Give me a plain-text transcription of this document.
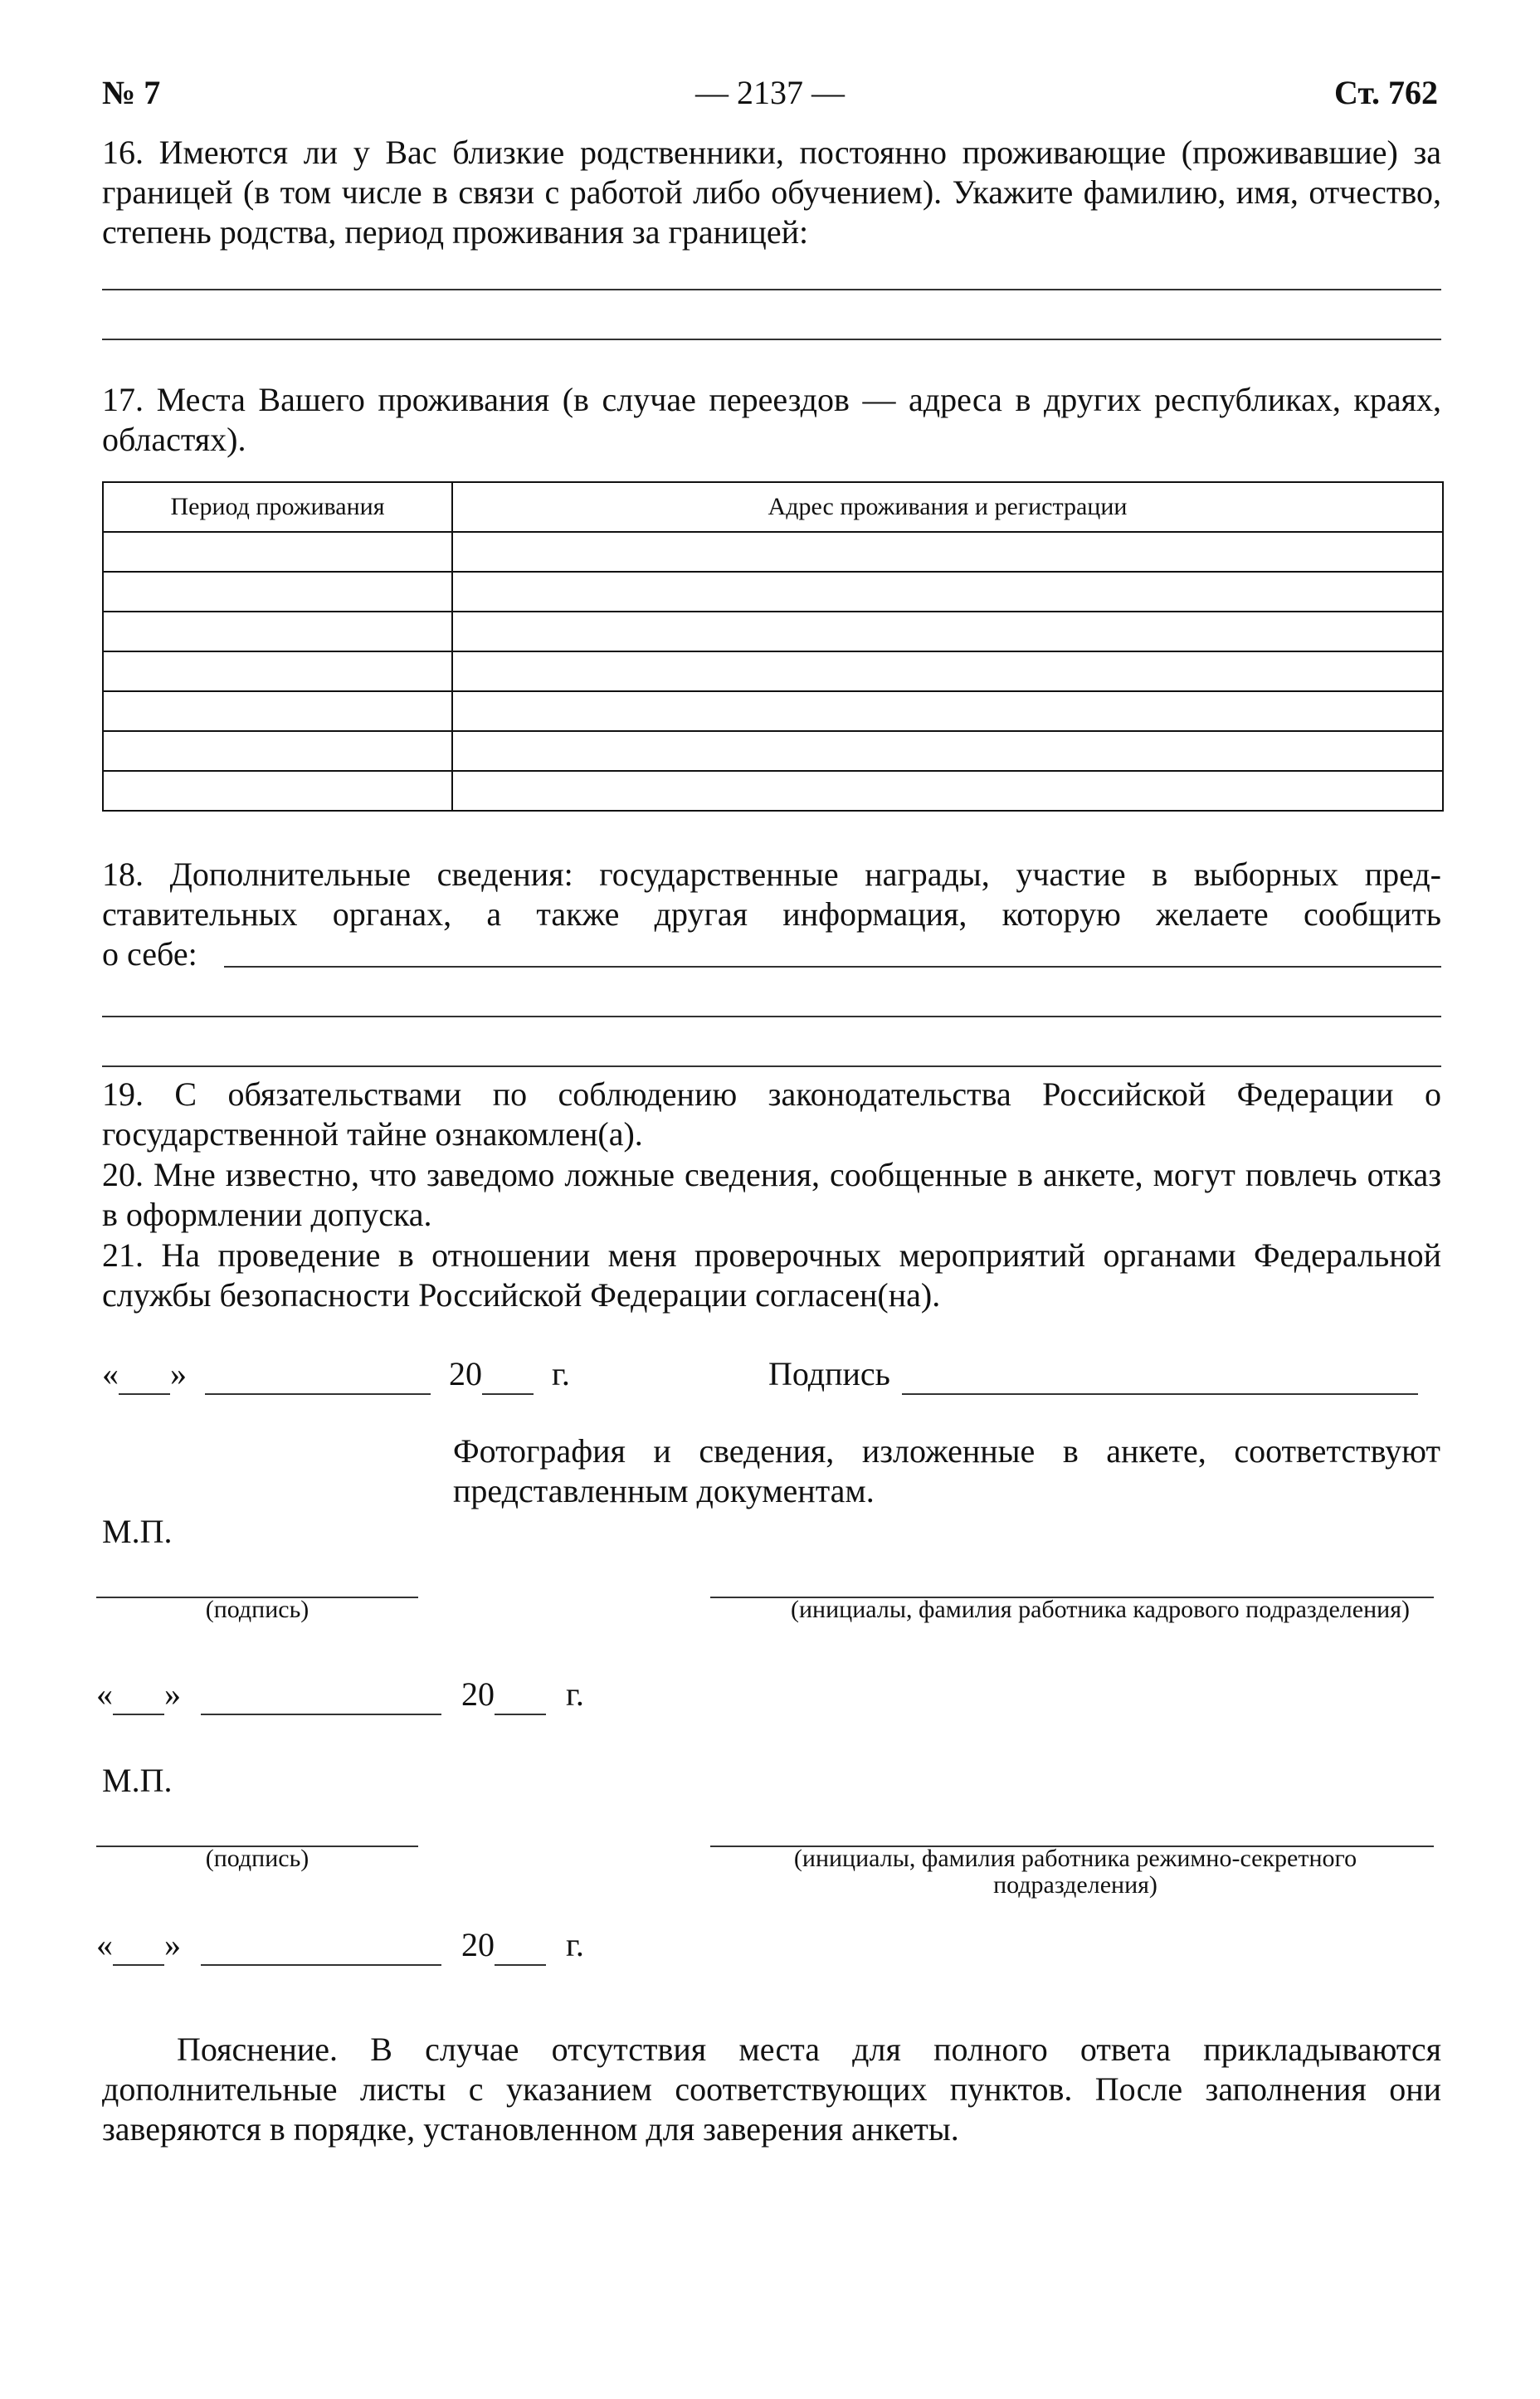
№ 7	— 2137 —	Ст. 762
16. Имеются ли у Вас близкие родственники, постоянно проживающие (проживавшие) за границей (в том числе в связи с работой либо обучением). Укажите фамилию, имя, отчество, степень родства, период проживания за границей:
17. Места Вашего проживания (в случае переездов — адреса в других республиках, краях, областях).
Период проживания	Адрес проживания и регистрации

18. Дополнительные сведения: государственные награды, участие в выборных пред-
ставительных органах, а также другая информация, которую желаете сообщить
о себе:
19. С обязательствами по соблюдению законодательства Российской Федерации о государственной тайне ознакомлен(а).
20. Мне известно, что заведомо ложные сведения, сообщенные в анкете, могут повлечь отказ в оформлении допуска.
21. На проведение в отношении меня проверочных мероприятий органами Федеральной службы безопасности Российской Федерации согласен(на).
« »	20 г.	Подпись
Фотография и сведения, изложенные в анкете, соответствуют представленным документам.
М.П.
(подпись)	(инициалы, фамилия работника кадрового подразделения)
« »	20 г.
М.П.
(подпись)	(инициалы, фамилия работника режимно-секретного подразделения)
« »	20 г.
Пояснение. В случае отсутствия места для полного ответа прикладываются дополнительные листы с указанием соответствующих пунктов. После заполнения они заверяются в порядке, установленном для заверения анкеты.
